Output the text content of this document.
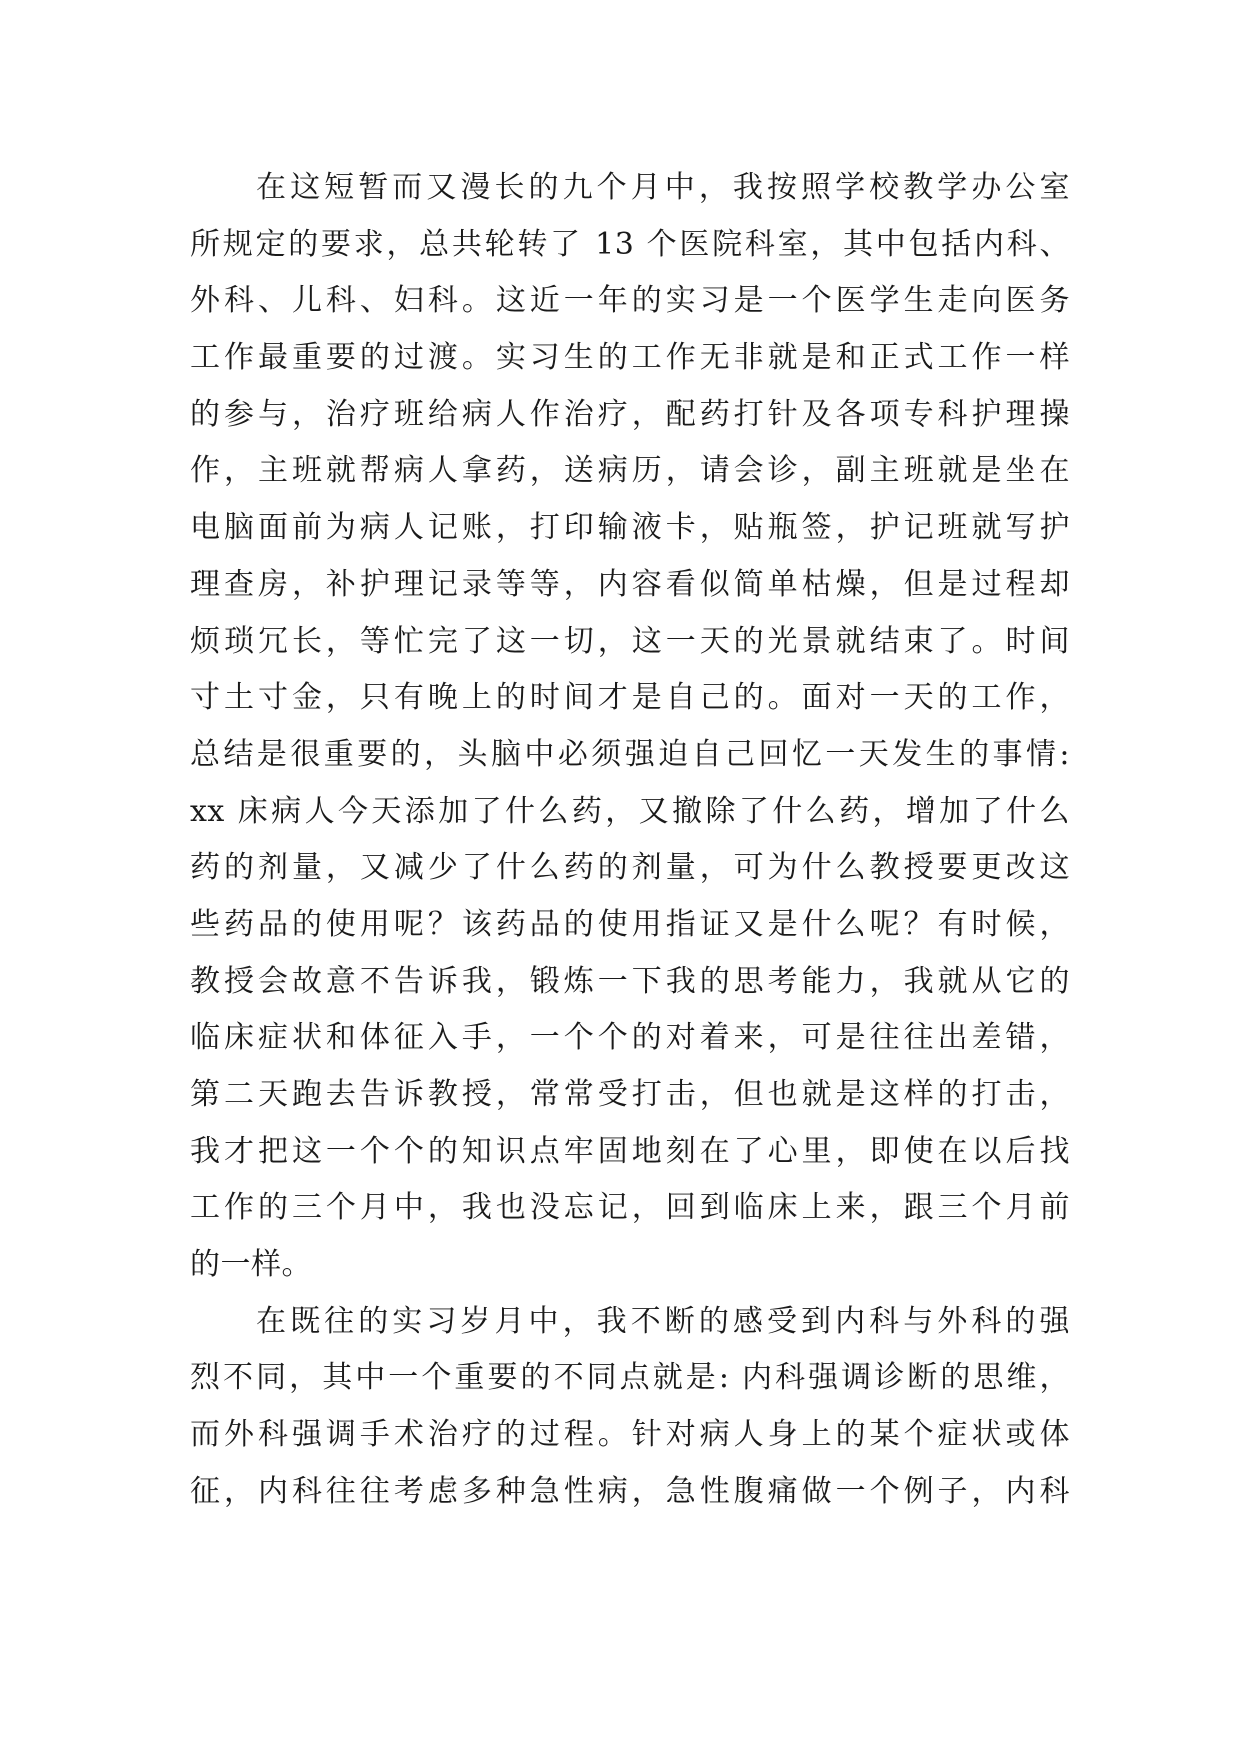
在这短暂而又漫长的九个月中，我按照学校教学办公室
所规定的要求，总共轮转了 13 个医院科室，其中包括内科、
外科、儿科、妇科。这近一年的实习是一个医学生走向医务
工作最重要的过渡。实习生的工作无非就是和正式工作一样
的参与，治疗班给病人作治疗，配药打针及各项专科护理操
作，主班就帮病人拿药，送病历，请会诊，副主班就是坐在
电脑面前为病人记账，打印输液卡，贴瓶签，护记班就写护
理查房，补护理记录等等，内容看似简单枯燥，但是过程却
烦琐冗长，等忙完了这一切，这一天的光景就结束了。时间
寸土寸金，只有晚上的时间才是自己的。面对一天的工作，
总结是很重要的，头脑中必须强迫自己回忆一天发生的事情:
xx 床病人今天添加了什么药，又撤除了什么药，增加了什么
药的剂量，又减少了什么药的剂量，可为什么教授要更改这
些药品的使用呢？该药品的使用指证又是什么呢？有时候，
教授会故意不告诉我，锻炼一下我的思考能力，我就从它的
临床症状和体征入手，一个个的对着来，可是往往出差错，
第二天跑去告诉教授，常常受打击，但也就是这样的打击，
我才把这一个个的知识点牢固地刻在了心里，即使在以后找
工作的三个月中，我也没忘记，回到临床上来，跟三个月前
的一样。
在既往的实习岁月中，我不断的感受到内科与外科的强
烈不同，其中一个重要的不同点就是: 内科强调诊断的思维，
而外科强调手术治疗的过程。针对病人身上的某个症状或体
征，内科往往考虑多种急性病，急性腹痛做一个例子，内科
